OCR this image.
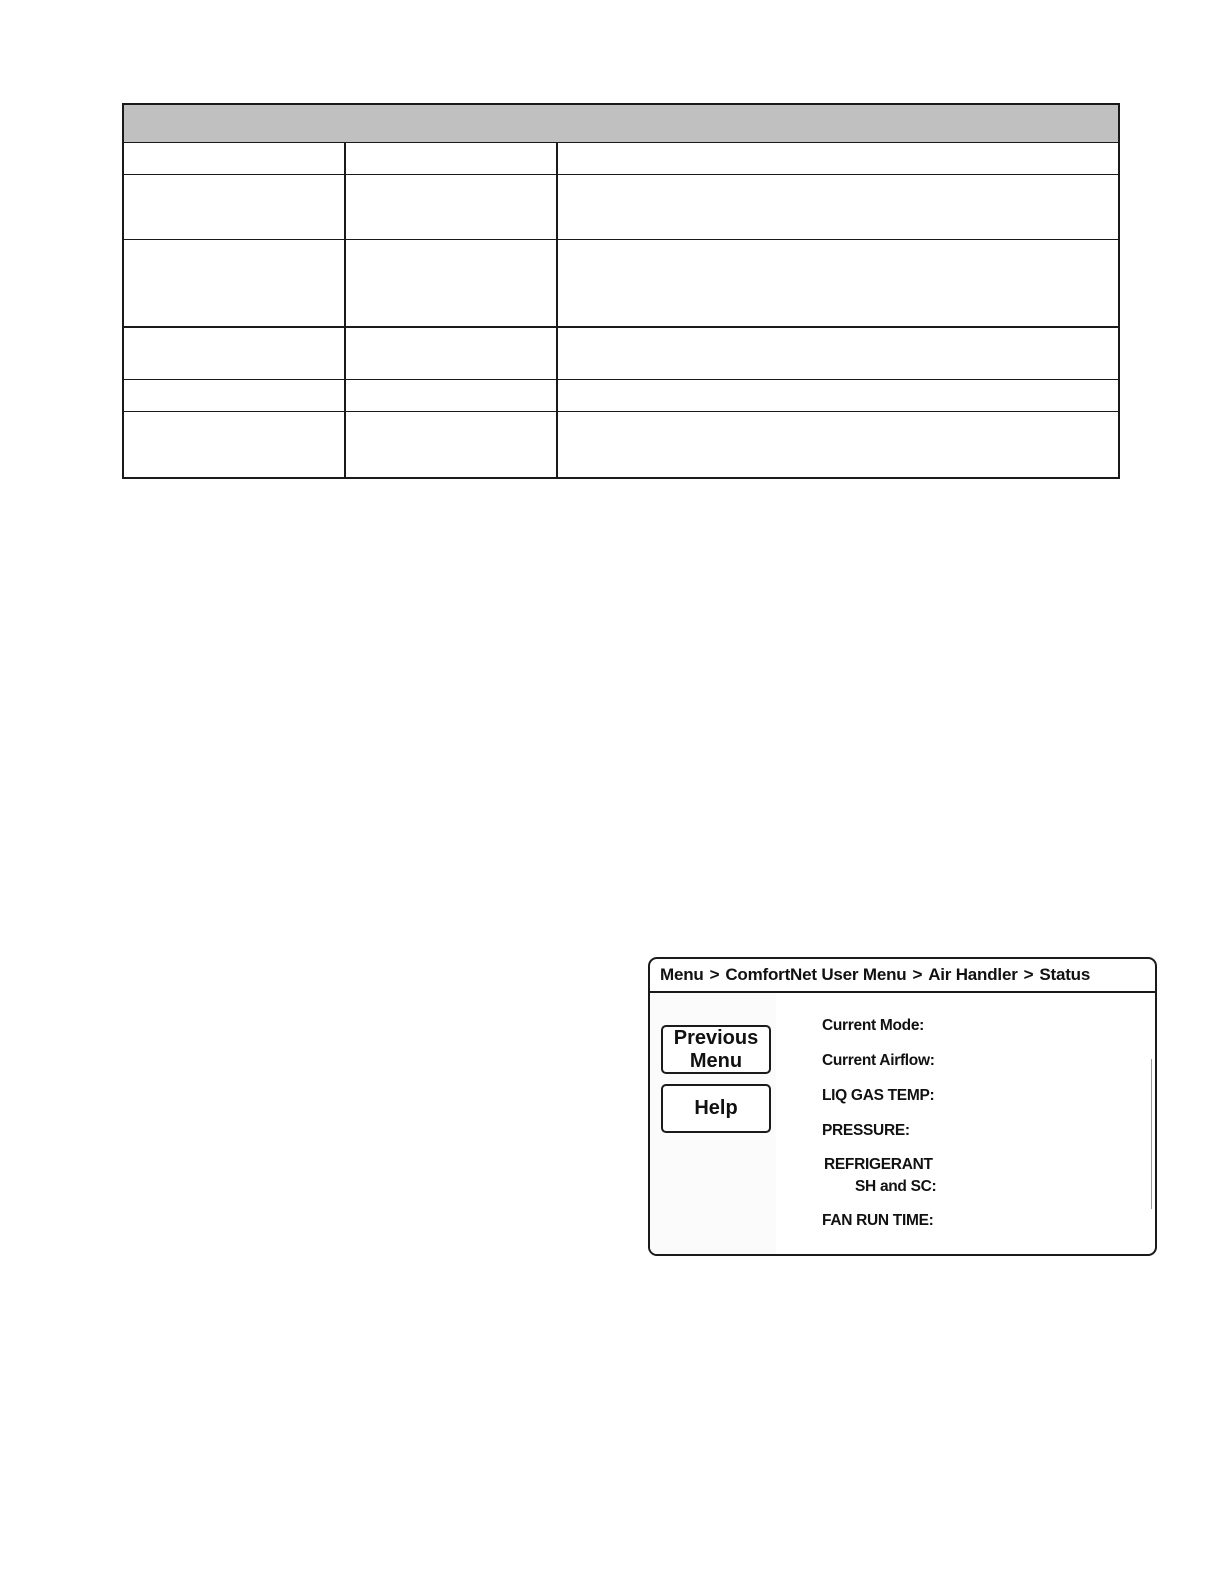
Menu > ComfortNet User Menu > Air Handler > Status
Previous
Menu
Help
Current Mode:
Current Airflow:
LIQ GAS TEMP:
PRESSURE:
REFRIGERANT
SH and SC:
FAN RUN TIME:
